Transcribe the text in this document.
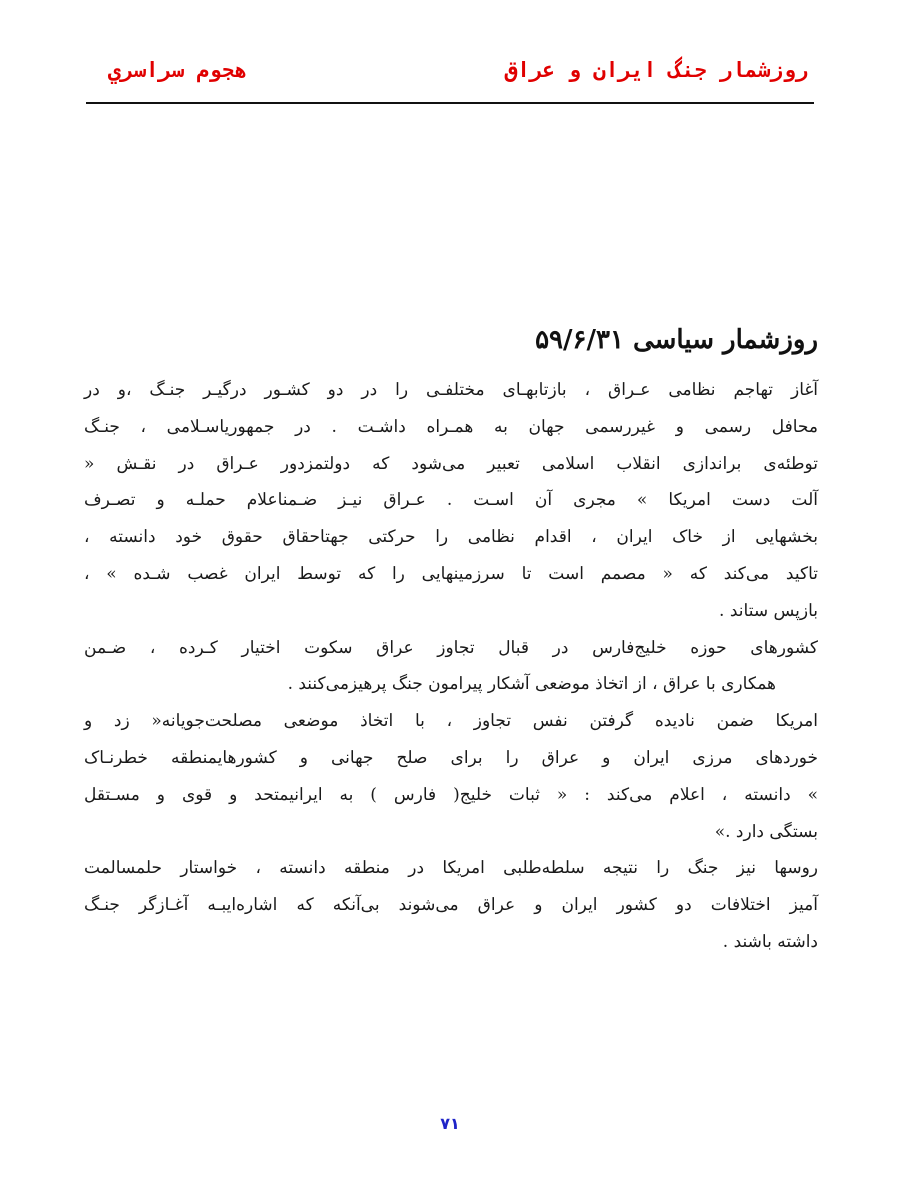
روزشمار جنگ ايران و عراق
هجوم سراسري
روزشمار سیاسی ۵۹/۶/۳۱

آغاز تهاجم نظامی عـراق ، بازتابهـای مختلفـی را در دو کشـور درگیـر جنـگ ،و در
محافل رسمی و غیررسمی جهان به همـراه داشـت . در جمهوریاسـلامی ، جنـگ
توطئه‌ی براندازی انقلاب اسلامی تعبیر می‌شود که دولتمزدور عـراق در نقـش «
آلت دست امریکا » مجری آن اسـت . عـراق نیـز ضـمناعلام حملـه و تصـرف
بخشهایی از خاک ایران ، اقدام نظامی را حرکتی جهتاحقاق حقوق خود دانسته ،
تاکید می‌کند که « مصمم است تا سرزمینهایی را که توسط ایران غصب شـده » ،
بازپس ستاند .

کشورهای حوزه خلیج‌فارس در قبال تجاوز عراق سکوت اختیار کـرده ، ضـمن
همکاری با عراق ، از اتخاذ موضعی آشکار پیرامون جنگ پرهیزمی‌کنند .

امریکا ضمن نادیده گرفتن نفس تجاوز ، با اتخاذ موضعی مصلحت‌جویانه« زد و
خوردهای مرزی ایران و عراق را برای صلح جهانی و کشورهایمنطقه خطرنـاک
» دانسته ، اعلام می‌کند : « ثبات خلیج( فارس ) به ایرانیمتحد و قوی و مسـتقل
بستگی دارد .»

روسها نیز جنگ را نتیجه سلطه‌طلبی امریکا در منطقه دانسته ، خواستار حلمسالمت
آمیز اختلافات دو کشور ایران و عراق می‌شوند بی‌آنکه که اشاره‌ایبـه آغـازگر جنـگ
داشته باشند .

۷۱
